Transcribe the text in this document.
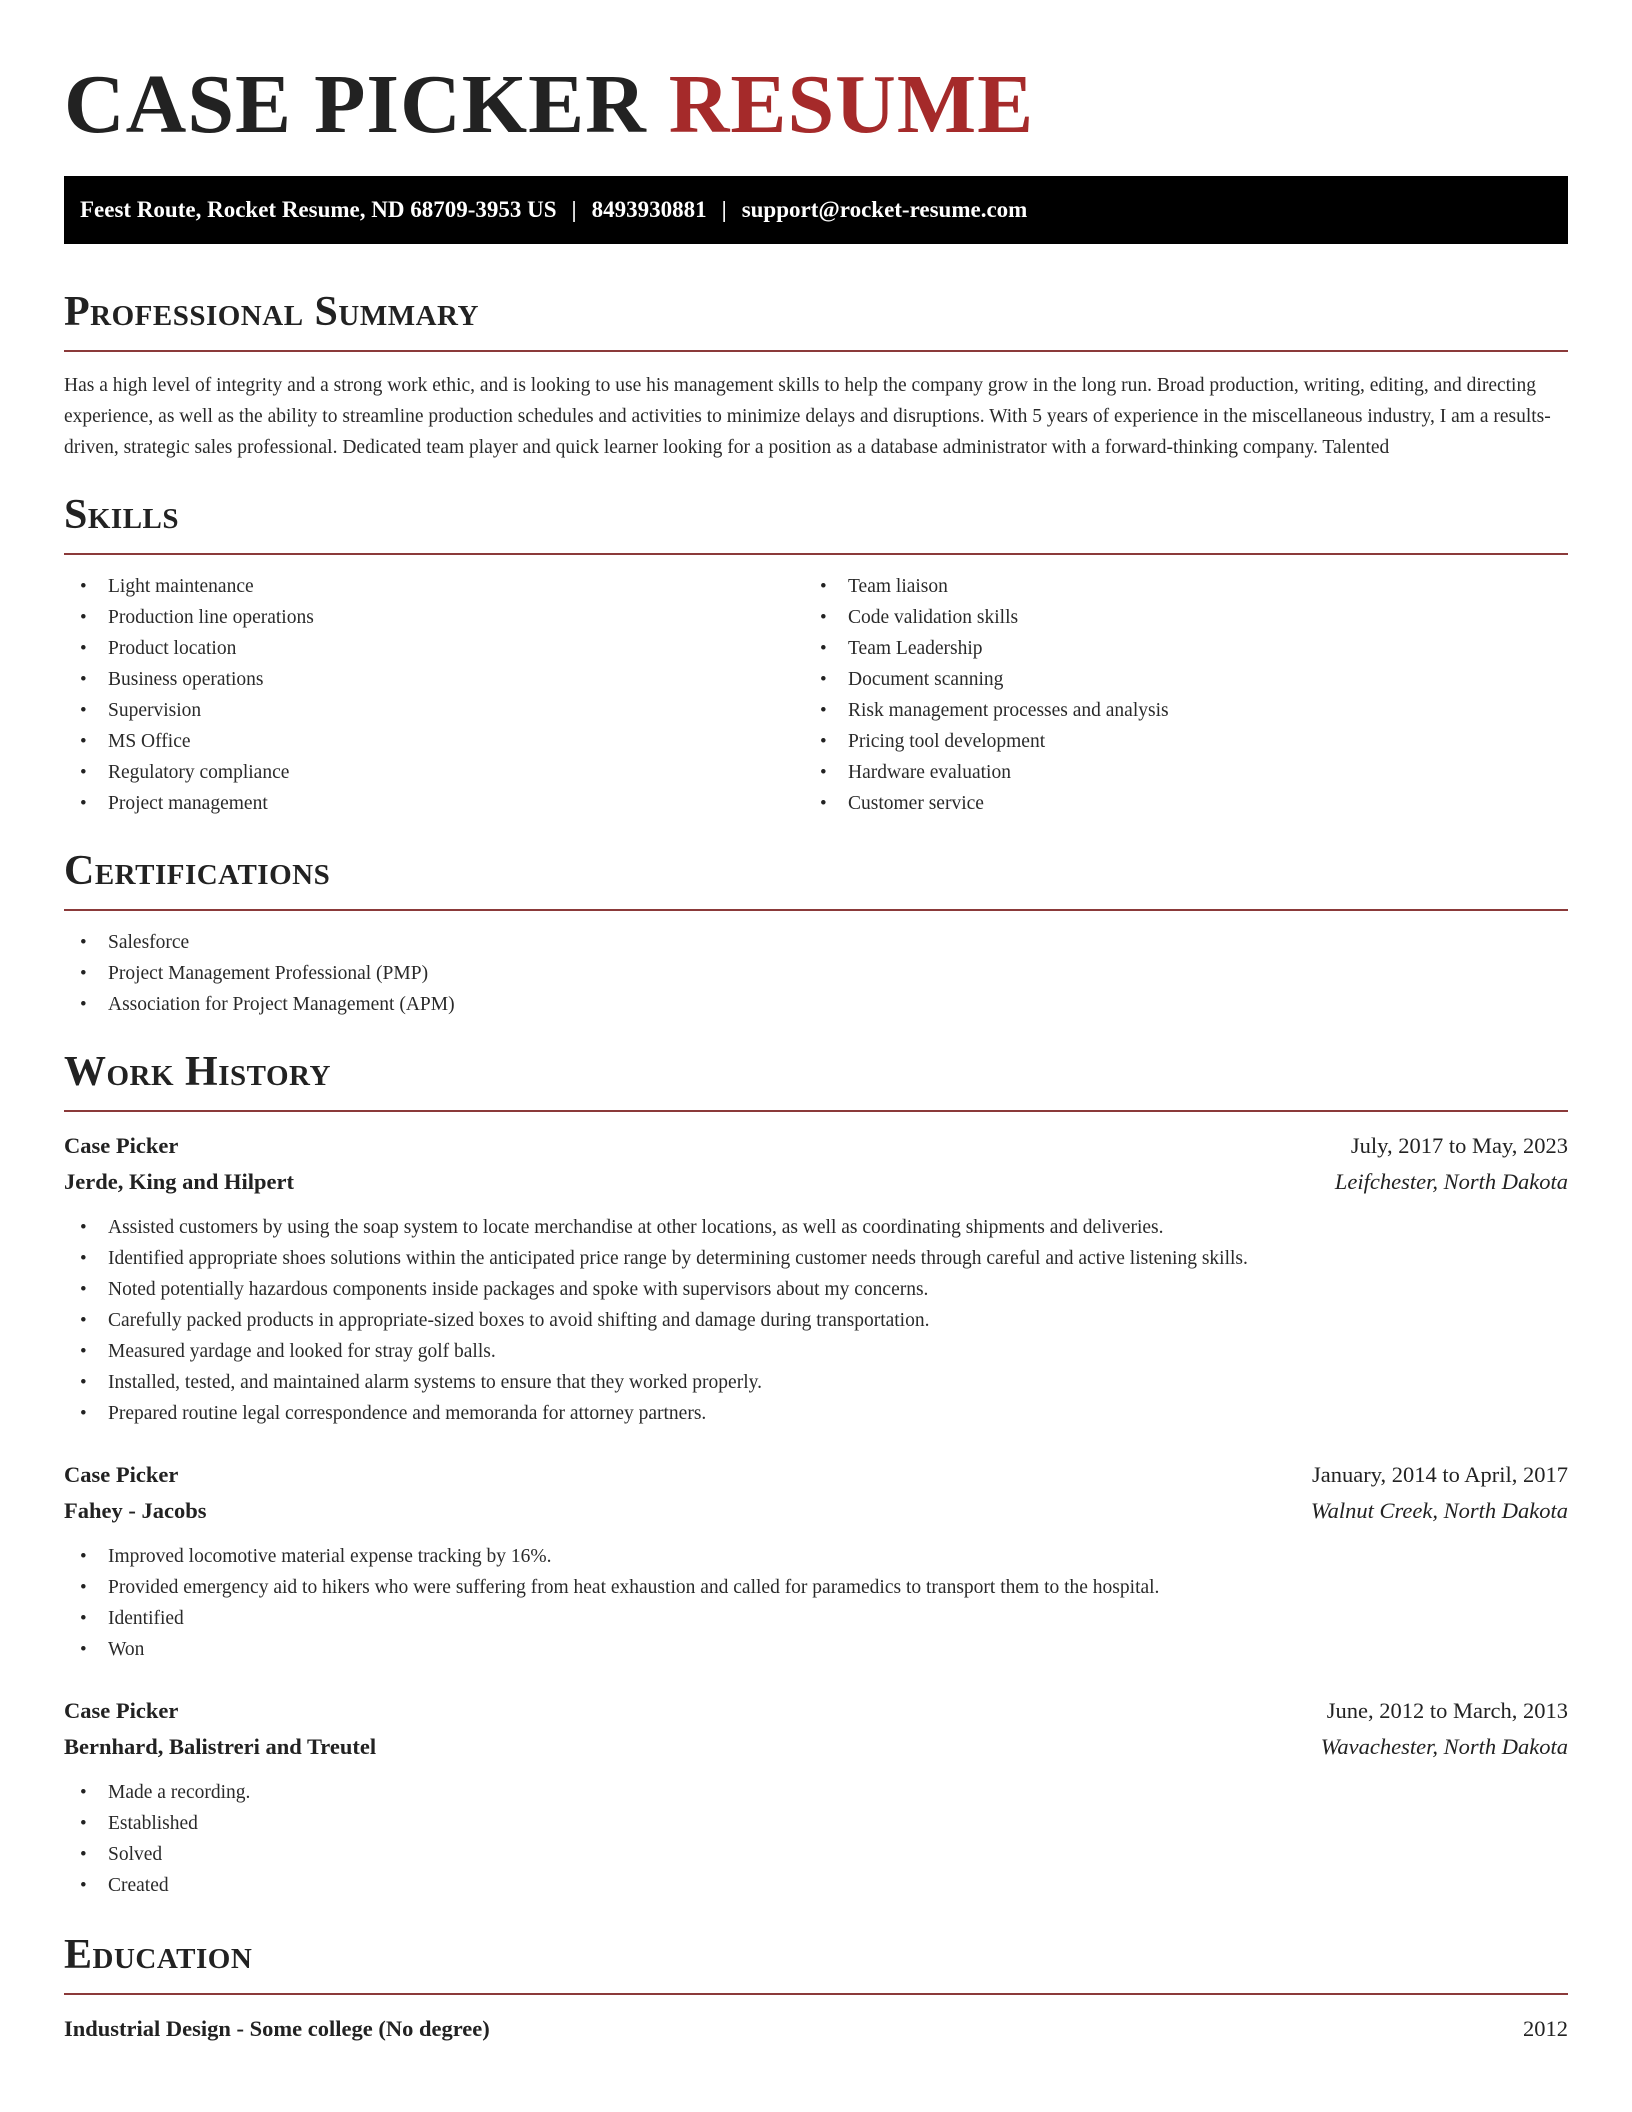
CASE PICKER RESUME
Feest Route, Rocket Resume, ND 68709-3953 US | 8493930881 | support@rocket-resume.com
Professional Summary

Has a high level of integrity and a strong work ethic, and is looking to use his management skills to help the company grow in the long run. Broad production, writing, editing, and directing experience, as well as the ability to streamline production schedules and activities to minimize delays and disruptions. With 5 years of experience in the miscellaneous industry, I am a results-driven, strategic sales professional. Dedicated team player and quick learner looking for a position as a database administrator with a forward-thinking company. Talented

Skills
• Light maintenance
• Production line operations
• Product location
• Business operations
• Supervision
• MS Office
• Regulatory compliance
• Project management
• Team liaison
• Code validation skills
• Team Leadership
• Document scanning
• Risk management processes and analysis
• Pricing tool development
• Hardware evaluation
• Customer service
Certifications
• Salesforce
• Project Management Professional (PMP)
• Association for Project Management (APM)
Work History
Case Picker	July, 2017 to May, 2023
Jerde, King and Hilpert	Leifchester, North Dakota
• Assisted customers by using the soap system to locate merchandise at other locations, as well as coordinating shipments and deliveries.
• Identified appropriate shoes solutions within the anticipated price range by determining customer needs through careful and active listening skills.
• Noted potentially hazardous components inside packages and spoke with supervisors about my concerns.
• Carefully packed products in appropriate-sized boxes to avoid shifting and damage during transportation.
• Measured yardage and looked for stray golf balls.
• Installed, tested, and maintained alarm systems to ensure that they worked properly.
• Prepared routine legal correspondence and memoranda for attorney partners.
Case Picker	January, 2014 to April, 2017
Fahey - Jacobs	Walnut Creek, North Dakota
• Improved locomotive material expense tracking by 16%.
• Provided emergency aid to hikers who were suffering from heat exhaustion and called for paramedics to transport them to the hospital.
• Identified
• Won
Case Picker	June, 2012 to March, 2013
Bernhard, Balistreri and Treutel	Wavachester, North Dakota
• Made a recording.
• Established
• Solved
• Created
Education
Industrial Design - Some college (No degree)	2012
